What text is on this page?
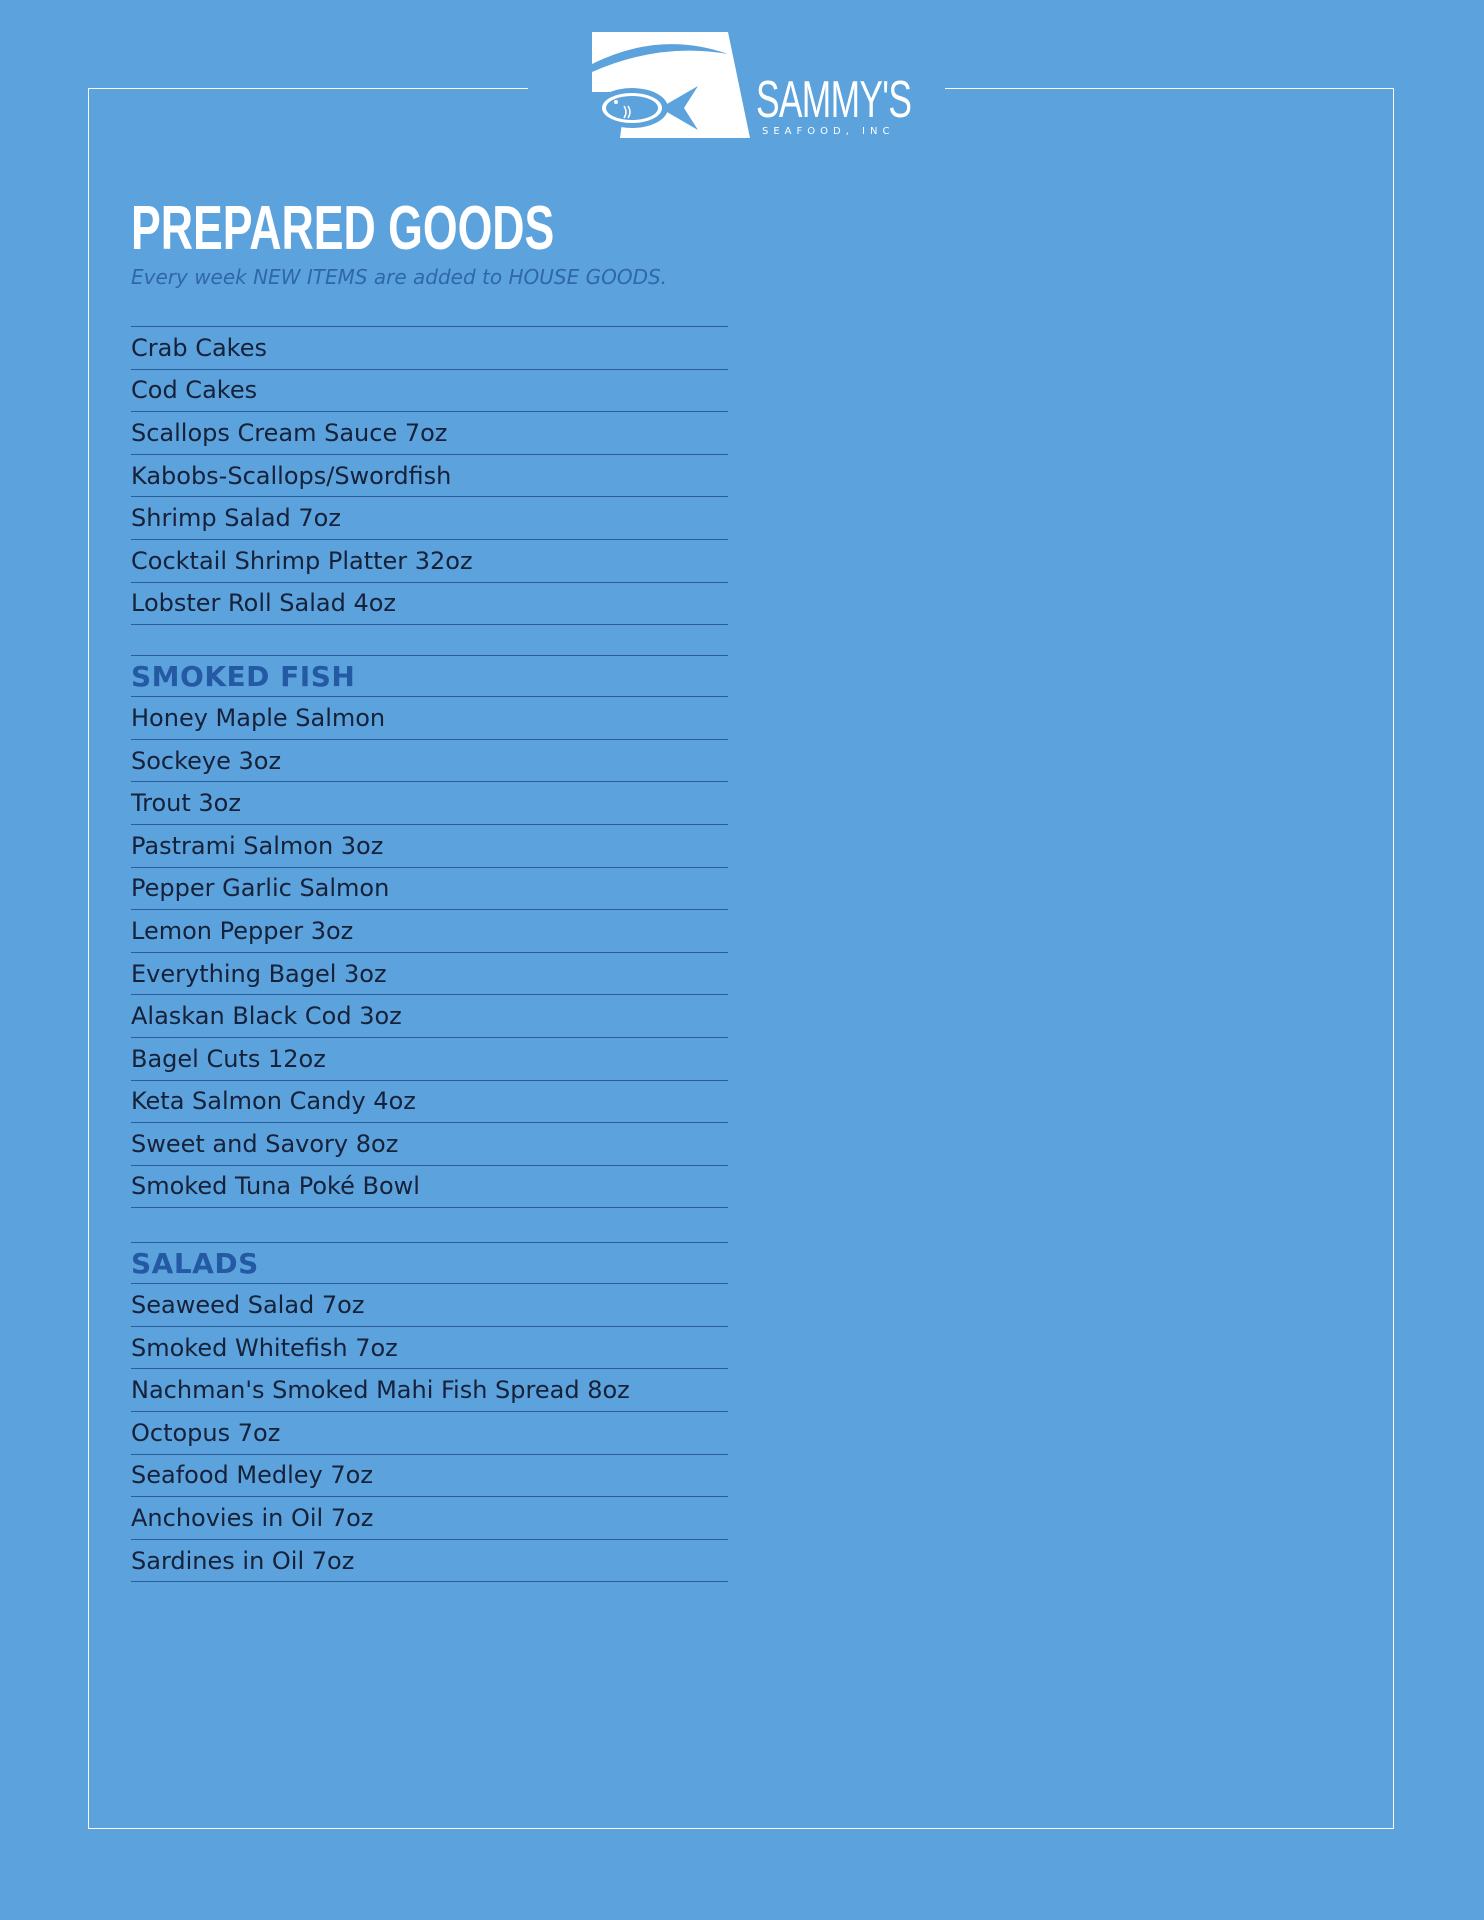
SAMMY'S
SEAFOOD, INC
PREPARED GOODS
Every week NEW ITEMS are added to HOUSE GOODS.
Crab Cakes
Cod Cakes
Scallops Cream Sauce 7oz
Kabobs-Scallops/Swordfish
Shrimp Salad 7oz
Cocktail Shrimp Platter 32oz
Lobster Roll Salad 4oz
SMOKED FISH
Honey Maple Salmon
Sockeye 3oz
Trout 3oz
Pastrami Salmon 3oz
Pepper Garlic Salmon
Lemon Pepper 3oz
Everything Bagel 3oz
Alaskan Black Cod 3oz
Bagel Cuts 12oz
Keta Salmon Candy 4oz
Sweet and Savory 8oz
Smoked Tuna Poké Bowl
SALADS
Seaweed Salad 7oz
Smoked Whitefish 7oz
Nachman's Smoked Mahi Fish Spread 8oz
Octopus 7oz
Seafood Medley 7oz
Anchovies in Oil 7oz
Sardines in Oil 7oz
